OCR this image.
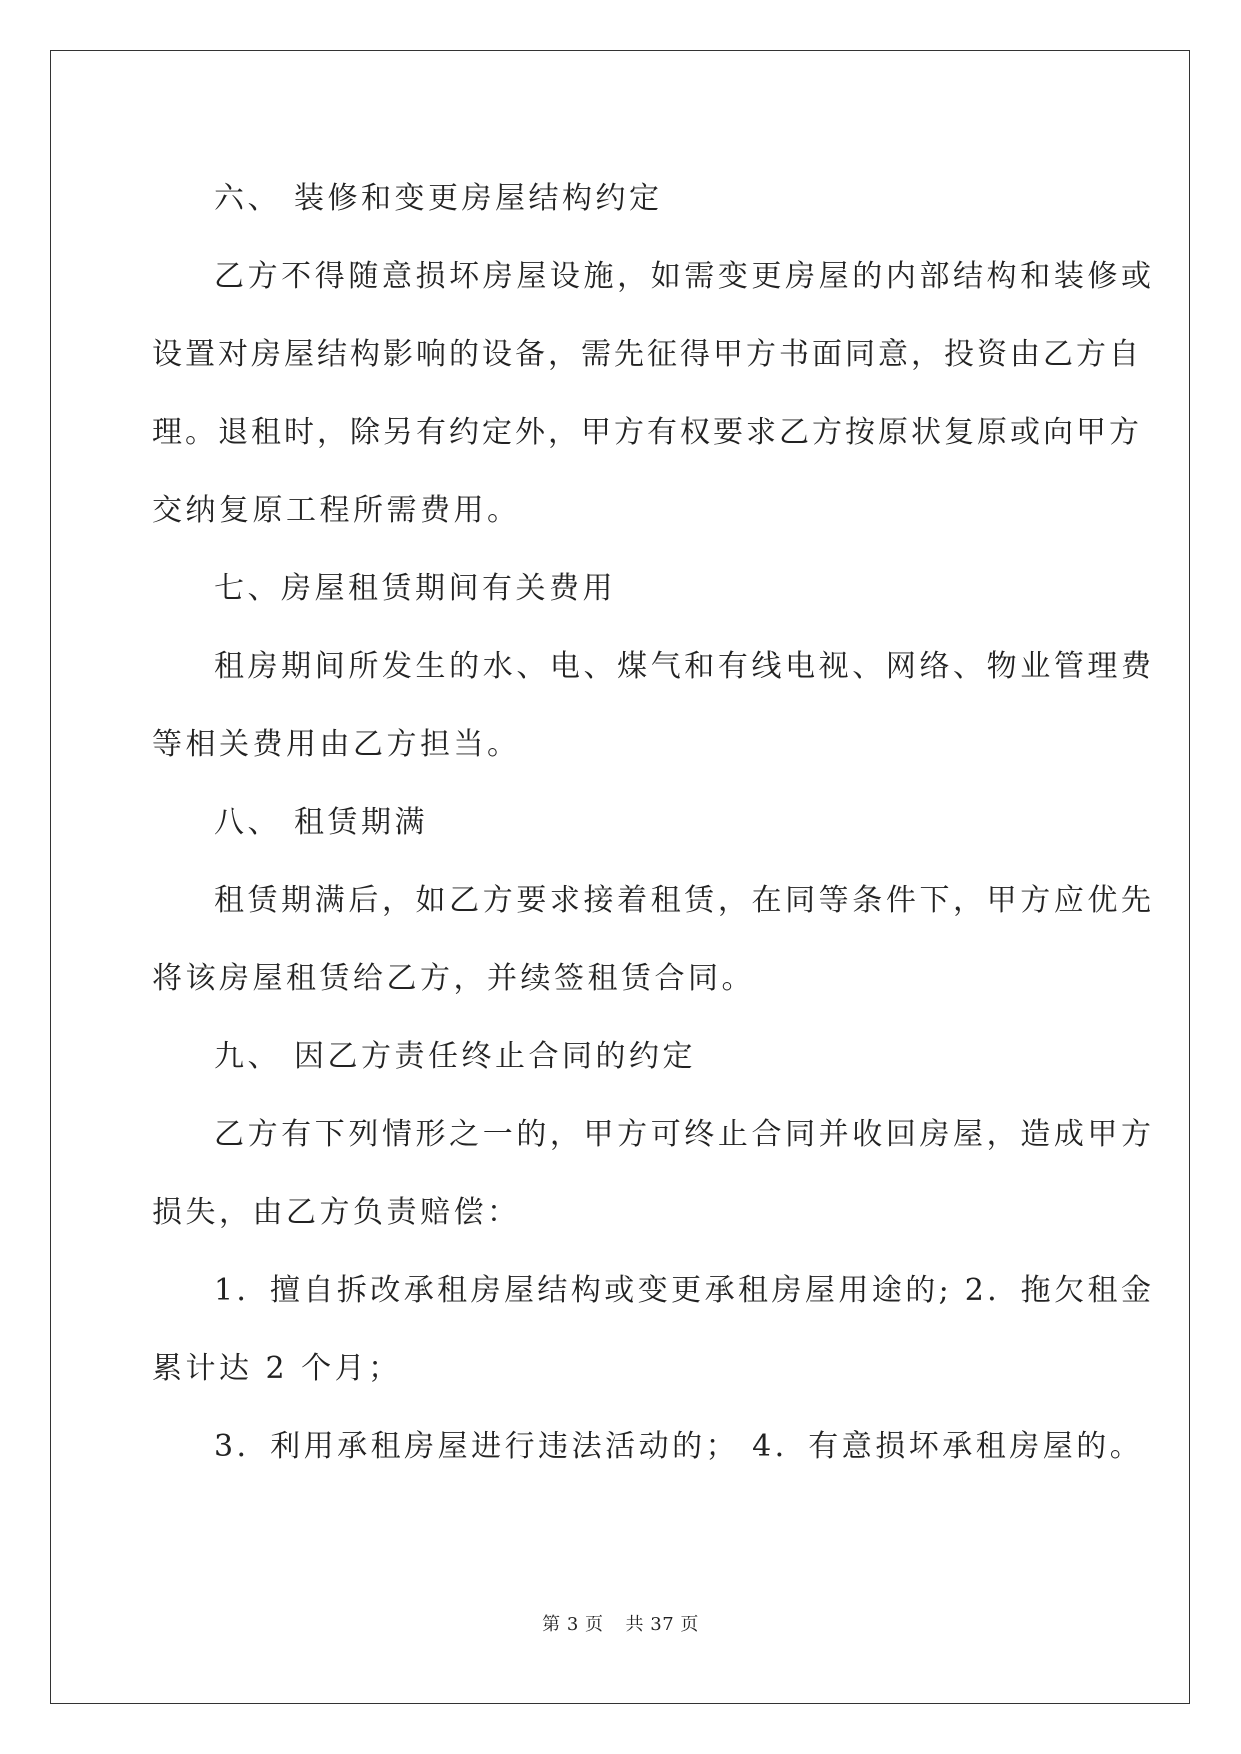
六、 装修和变更房屋结构约定
乙方不得随意损坏房屋设施，如需变更房屋的内部结构和装修或
设置对房屋结构影响的设备，需先征得甲方书面同意，投资由乙方自
理。退租时，除另有约定外，甲方有权要求乙方按原状复原或向甲方
交纳复原工程所需费用。
七、房屋租赁期间有关费用
租房期间所发生的水、电、煤气和有线电视、网络、物业管理费
等相关费用由乙方担当。
八、 租赁期满
租赁期满后，如乙方要求接着租赁，在同等条件下，甲方应优先
将该房屋租赁给乙方，并续签租赁合同。
九、 因乙方责任终止合同的约定
乙方有下列情形之一的，甲方可终止合同并收回房屋，造成甲方
损失，由乙方负责赔偿：
1．擅自拆改承租房屋结构或变更承租房屋用途的; 2．拖欠租金
累计达 2 个月；
3．利用承租房屋进行违法活动的； 4．有意损坏承租房屋的。
第 3 页 共 37 页
